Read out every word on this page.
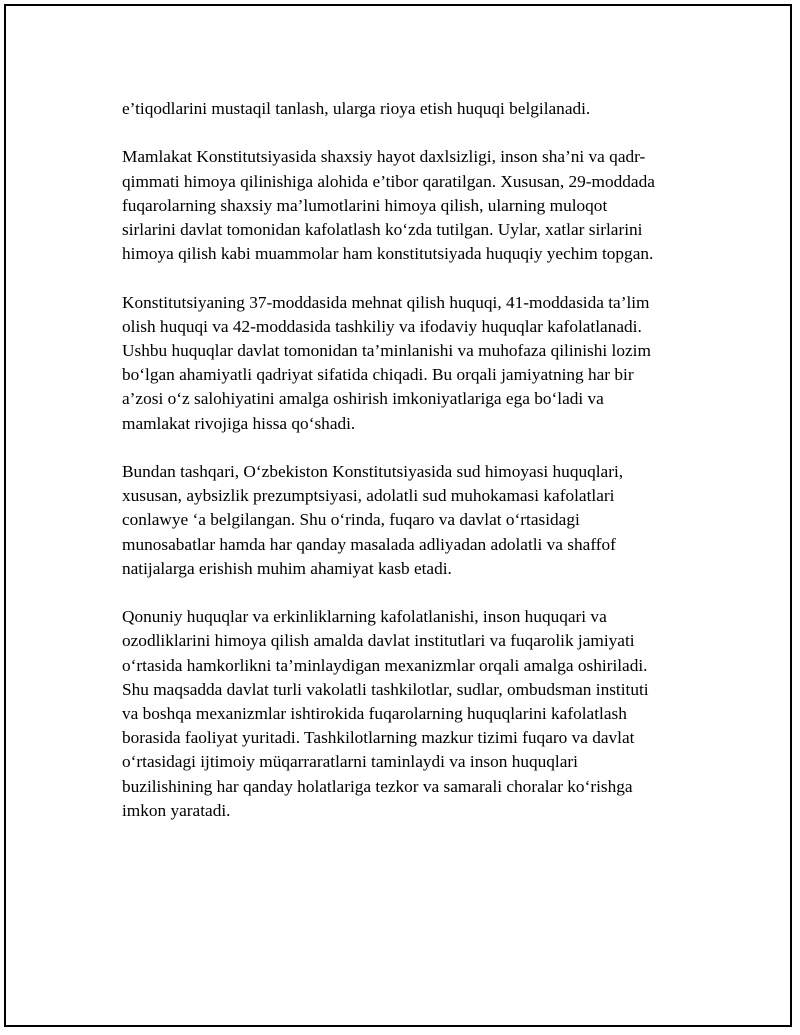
e’tiqodlarini mustaqil tanlash, ularga rioya etish huquqi belgilanadi.

Mamlakat Konstitutsiyasida shaxsiy hayot daxlsizligi, inson sha’ni va qadr-
qimmati himoya qilinishiga alohida e’tibor qaratilgan. Xususan, 29-moddada
fuqarolarning shaxsiy ma’lumotlarini himoya qilish, ularning muloqot
sirlarini davlat tomonidan kafolatlash ko‘zda tutilgan. Uylar, xatlar sirlarini
himoya qilish kabi muammolar ham konstitutsiyada huquqiy yechim topgan.

Konstitutsiyaning 37-moddasida mehnat qilish huquqi, 41-moddasida ta’lim
olish huquqi va 42-moddasida tashkiliy va ifodaviy huquqlar kafolatlanadi.
Ushbu huquqlar davlat tomonidan ta’minlanishi va muhofaza qilinishi lozim
bo‘lgan ahamiyatli qadriyat sifatida chiqadi. Bu orqali jamiyatning har bir
a’zosi o‘z salohiyatini amalga oshirish imkoniyatlariga ega bo‘ladi va
mamlakat rivojiga hissa qo‘shadi.

Bundan tashqari, O‘zbekiston Konstitutsiyasida sud himoyasi huquqlari,
xususan, aybsizlik prezumptsiyasi, adolatli sud muhokamasi kafolatlari
conlawye ‘a belgilangan. Shu o‘rinda, fuqaro va davlat o‘rtasidagi
munosabatlar hamda har qanday masalada adliyadan adolatli va shaffof
natijalarga erishish muhim ahamiyat kasb etadi.

Qonuniy huquqlar va erkinliklarning kafolatlanishi, inson huquqari va
ozodliklarini himoya qilish amalda davlat institutlari va fuqarolik jamiyati
o‘rtasida hamkorlikni ta’minlaydigan mexanizmlar orqali amalga oshiriladi.
Shu maqsadda davlat turli vakolatli tashkilotlar, sudlar, ombudsman instituti
va boshqa mexanizmlar ishtirokida fuqarolarning huquqlarini kafolatlash
borasida faoliyat yuritadi. Tashkilotlarning mazkur tizimi fuqaro va davlat
o‘rtasidagi ijtimoiy müqarraratlarni taminlaydi va inson huquqlari
buzilishining har qanday holatlariga tezkor va samarali choralar ko‘rishga
imkon yaratadi.
